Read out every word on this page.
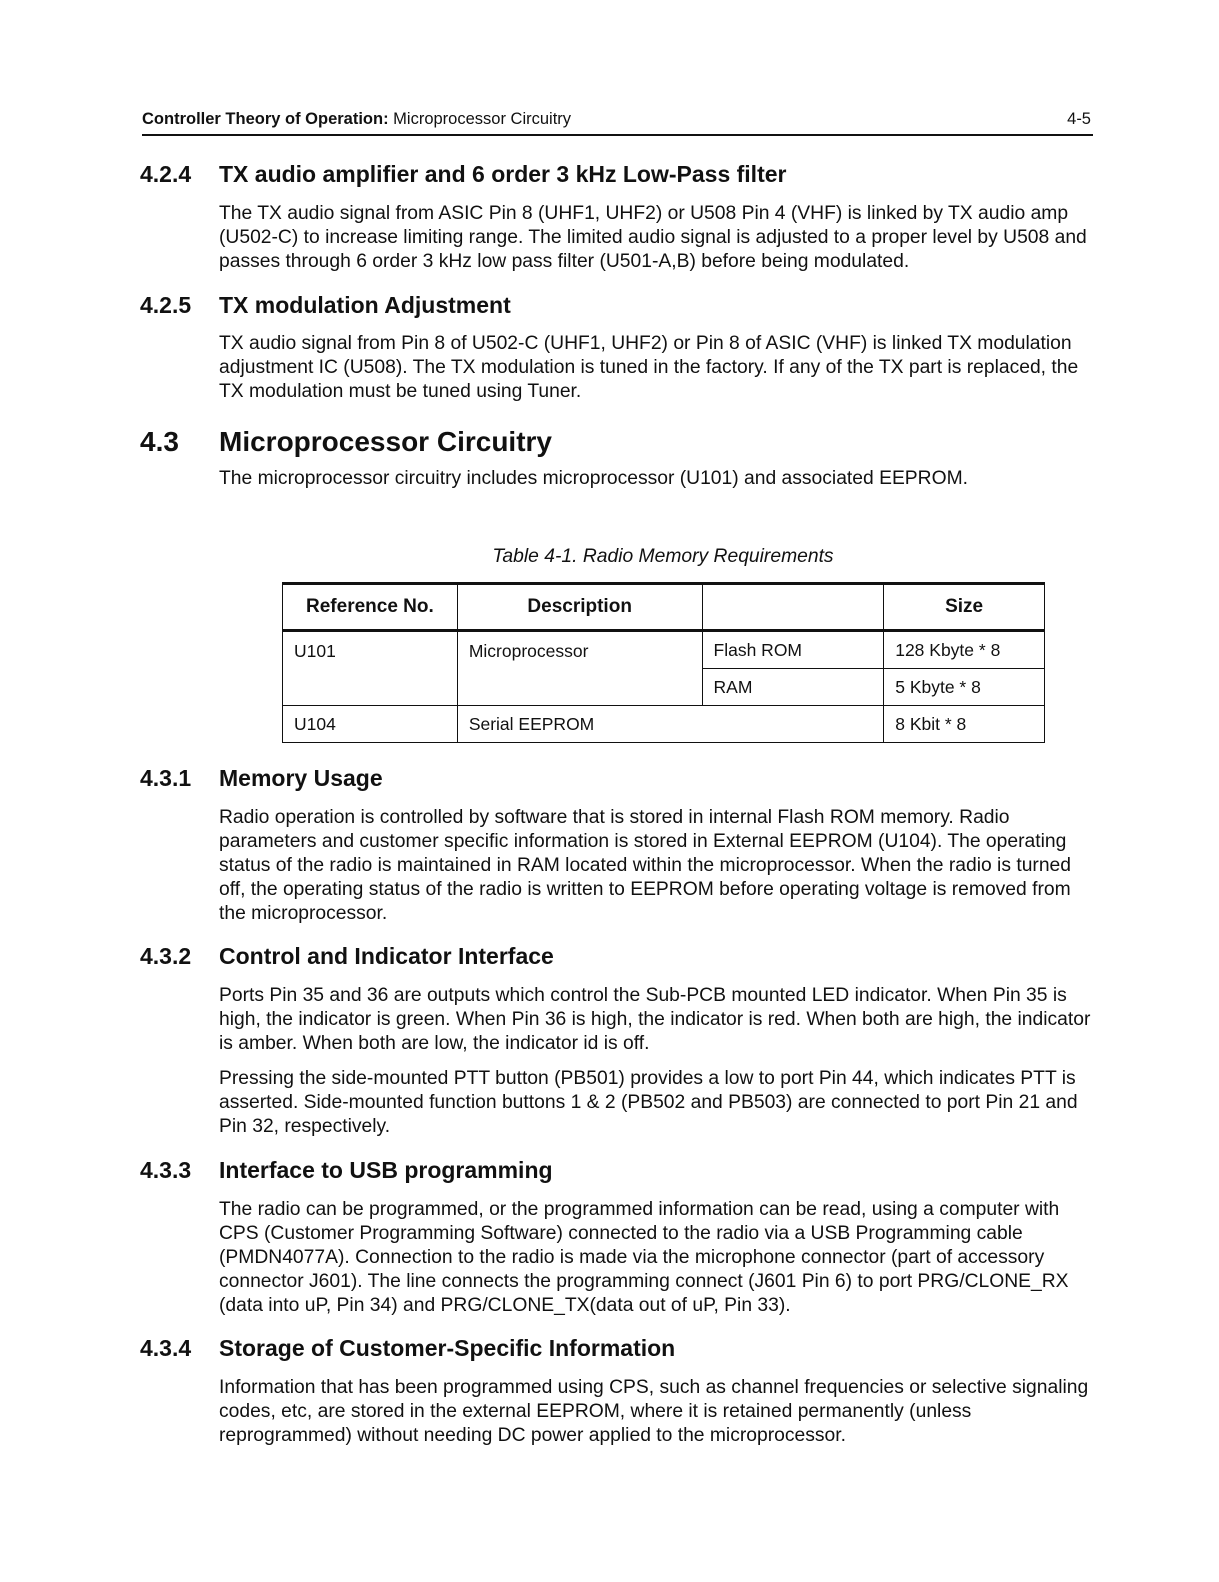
Controller Theory of Operation: Microprocessor Circuitry	4-5
4.2.4 TX audio amplifier and 6 order 3 kHz Low-Pass filter

The TX audio signal from ASIC Pin 8 (UHF1, UHF2) or U508 Pin 4 (VHF) is linked by TX audio amp (U502-C) to increase limiting range. The limited audio signal is adjusted to a proper level by U508 and passes through 6 order 3 kHz low pass filter (U501-A,B) before being modulated.

4.2.5 TX modulation Adjustment

TX audio signal from Pin 8 of U502-C (UHF1, UHF2) or Pin 8 of ASIC (VHF) is linked TX modulation adjustment IC (U508). The TX modulation is tuned in the factory. If any of the TX part is replaced, the TX modulation must be tuned using Tuner.

4.3 Microprocessor Circuitry

The microprocessor circuitry includes microprocessor (U101) and associated EEPROM.

Table 4-1. Radio Memory Requirements
Reference No.	Description		Size
U101	Microprocessor	Flash ROM	128 Kbyte * 8
		RAM	5 Kbyte * 8
U104	Serial EEPROM		8 Kbit * 8
4.3.1 Memory Usage

Radio operation is controlled by software that is stored in internal Flash ROM memory. Radio parameters and customer specific information is stored in External EEPROM (U104). The operating status of the radio is maintained in RAM located within the microprocessor. When the radio is turned off, the operating status of the radio is written to EEPROM before operating voltage is removed from the microprocessor.

4.3.2 Control and Indicator Interface

Ports Pin 35 and 36 are outputs which control the Sub-PCB mounted LED indicator. When Pin 35 is high, the indicator is green. When Pin 36 is high, the indicator is red. When both are high, the indicator is amber. When both are low, the indicator id is off.

Pressing the side-mounted PTT button (PB501) provides a low to port Pin 44, which indicates PTT is asserted. Side-mounted function buttons 1 & 2 (PB502 and PB503) are connected to port Pin 21 and Pin 32, respectively.

4.3.3 Interface to USB programming

The radio can be programmed, or the programmed information can be read, using a computer with CPS (Customer Programming Software) connected to the radio via a USB Programming cable (PMDN4077A). Connection to the radio is made via the microphone connector (part of accessory connector J601). The line connects the programming connect (J601 Pin 6) to port PRG/CLONE_RX (data into uP, Pin 34) and PRG/CLONE_TX(data out of uP, Pin 33).

4.3.4 Storage of Customer-Specific Information

Information that has been programmed using CPS, such as channel frequencies or selective signaling codes, etc, are stored in the external EEPROM, where it is retained permanently (unless reprogrammed) without needing DC power applied to the microprocessor.
